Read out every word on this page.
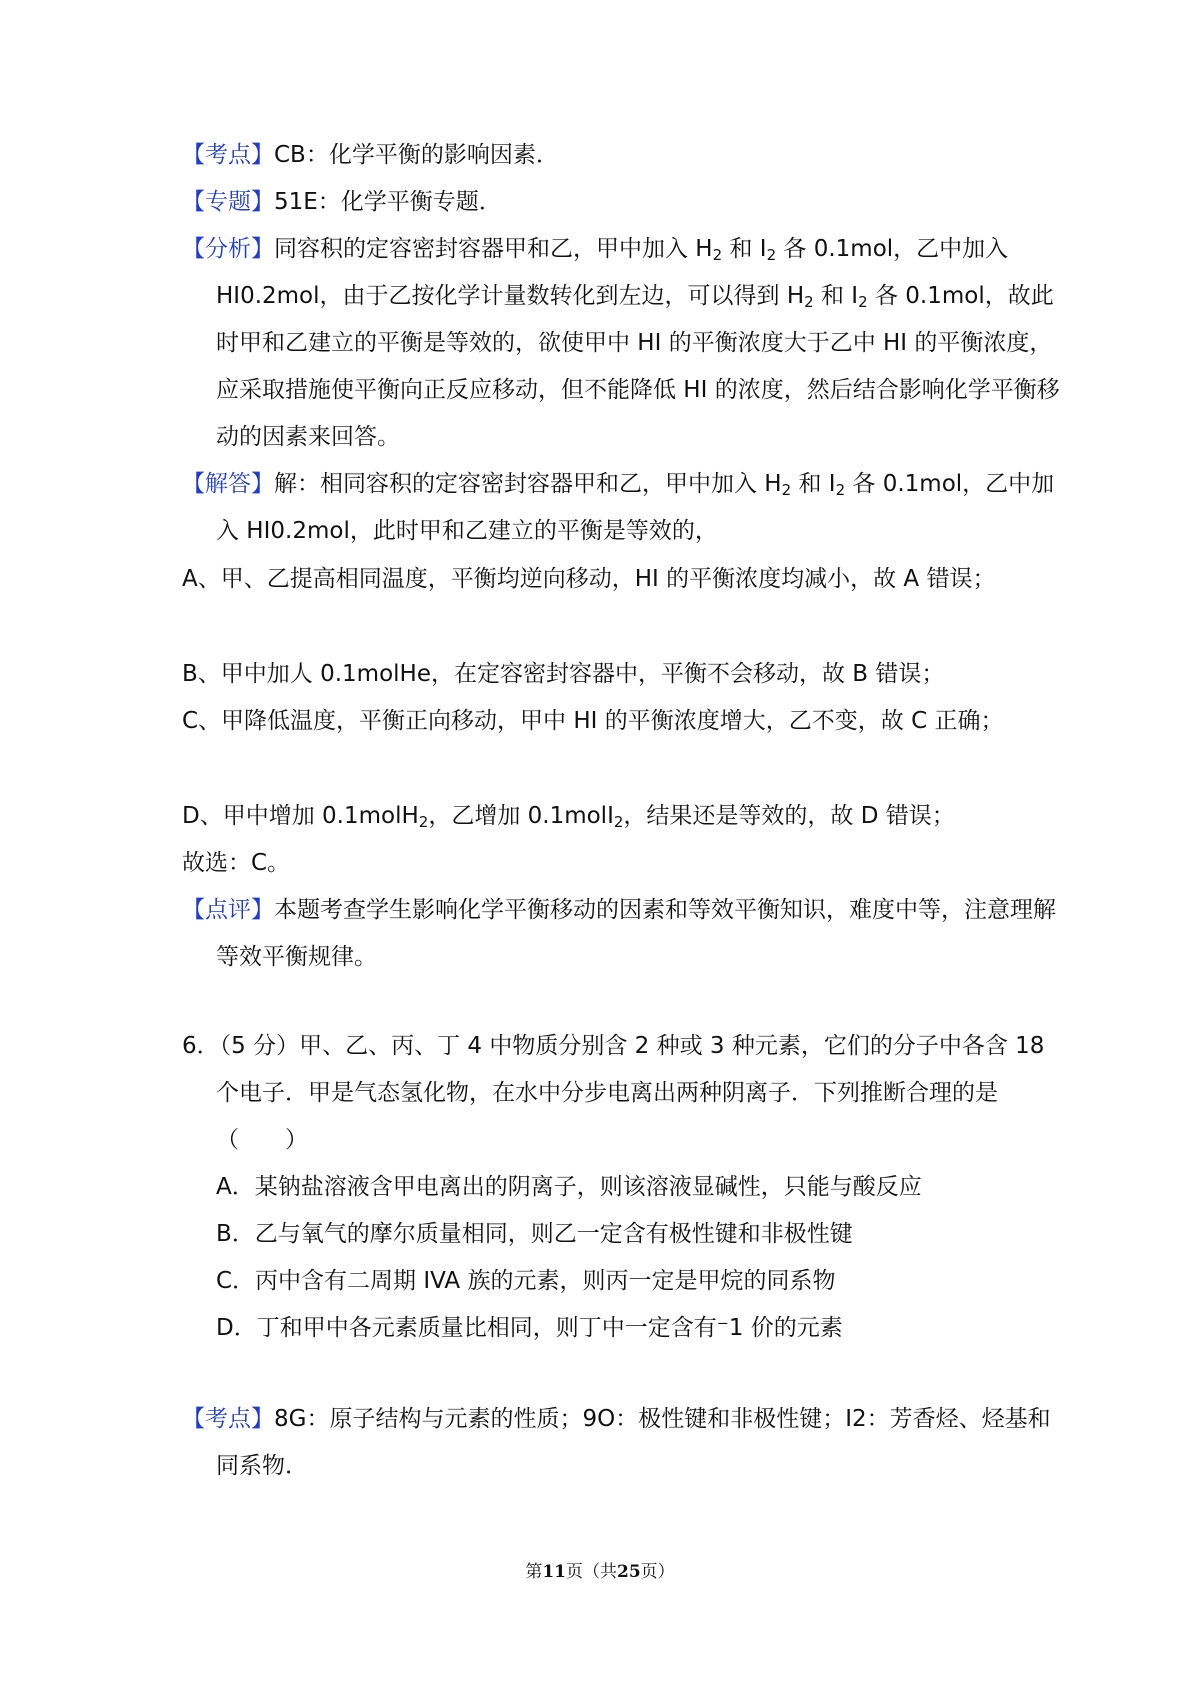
【考点】CB：化学平衡的影响因素．

【专题】51E：化学平衡专题．

【分析】同容积的定容密封容器甲和乙，甲中加入 $H_2$ 和 $I_2$ 各 0.1mol，乙中加入 HI0.2mol，由于乙按化学计量数转化到左边，可以得到 $H_2$ 和 $I_2$ 各 0.1mol，故此时甲和乙建立的平衡是等效的，欲使甲中 HI 的平衡浓度大于乙中 HI 的平衡浓度，应采取措施使平衡向正反应移动，但不能降低 HI 的浓度，然后结合影响化学平衡移动的因素来回答。

【解答】解：相同容积的定容密封容器甲和乙，甲中加入 $H_2$ 和 $I_2$ 各 0.1mol，乙中加入 HI0.2mol，此时甲和乙建立的平衡是等效的，

A、甲、乙提高相同温度，平衡均逆向移动，HI 的平衡浓度均减小，故 A 错误；

B、甲中加人 0.1molHe，在定容密封容器中，平衡不会移动，故 B 错误；

C、甲降低温度，平衡正向移动，甲中 HI 的平衡浓度增大，乙不变，故 C 正确；

D、甲中增加 0.1molH$_2$，乙增加 0.1molI$_2$，结果还是等效的，故 D 错误；

故选：C。

【点评】本题考查学生影响化学平衡移动的因素和等效平衡知识，难度中等，注意理解等效平衡规律。

6．（5 分）甲、乙、丙、丁 4 中物质分别含 2 种或 3 种元素，它们的分子中各含 18 个电子．甲是气态氢化物，在水中分步电离出两种阴离子．下列推断合理的是（　　）

A．某钠盐溶液含甲电离出的阴离子，则该溶液显碱性，只能与酸反应

B．乙与氧气的摩尔质量相同，则乙一定含有极性键和非极性键

C．丙中含有二周期 IVA 族的元素，则丙一定是甲烷的同系物

D．丁和甲中各元素质量比相同，则丁中一定含有⁻1 价的元素

【考点】8G：原子结构与元素的性质；9O：极性键和非极性键；I2：芳香烃、烃基和同系物．

第11页（共25页）
